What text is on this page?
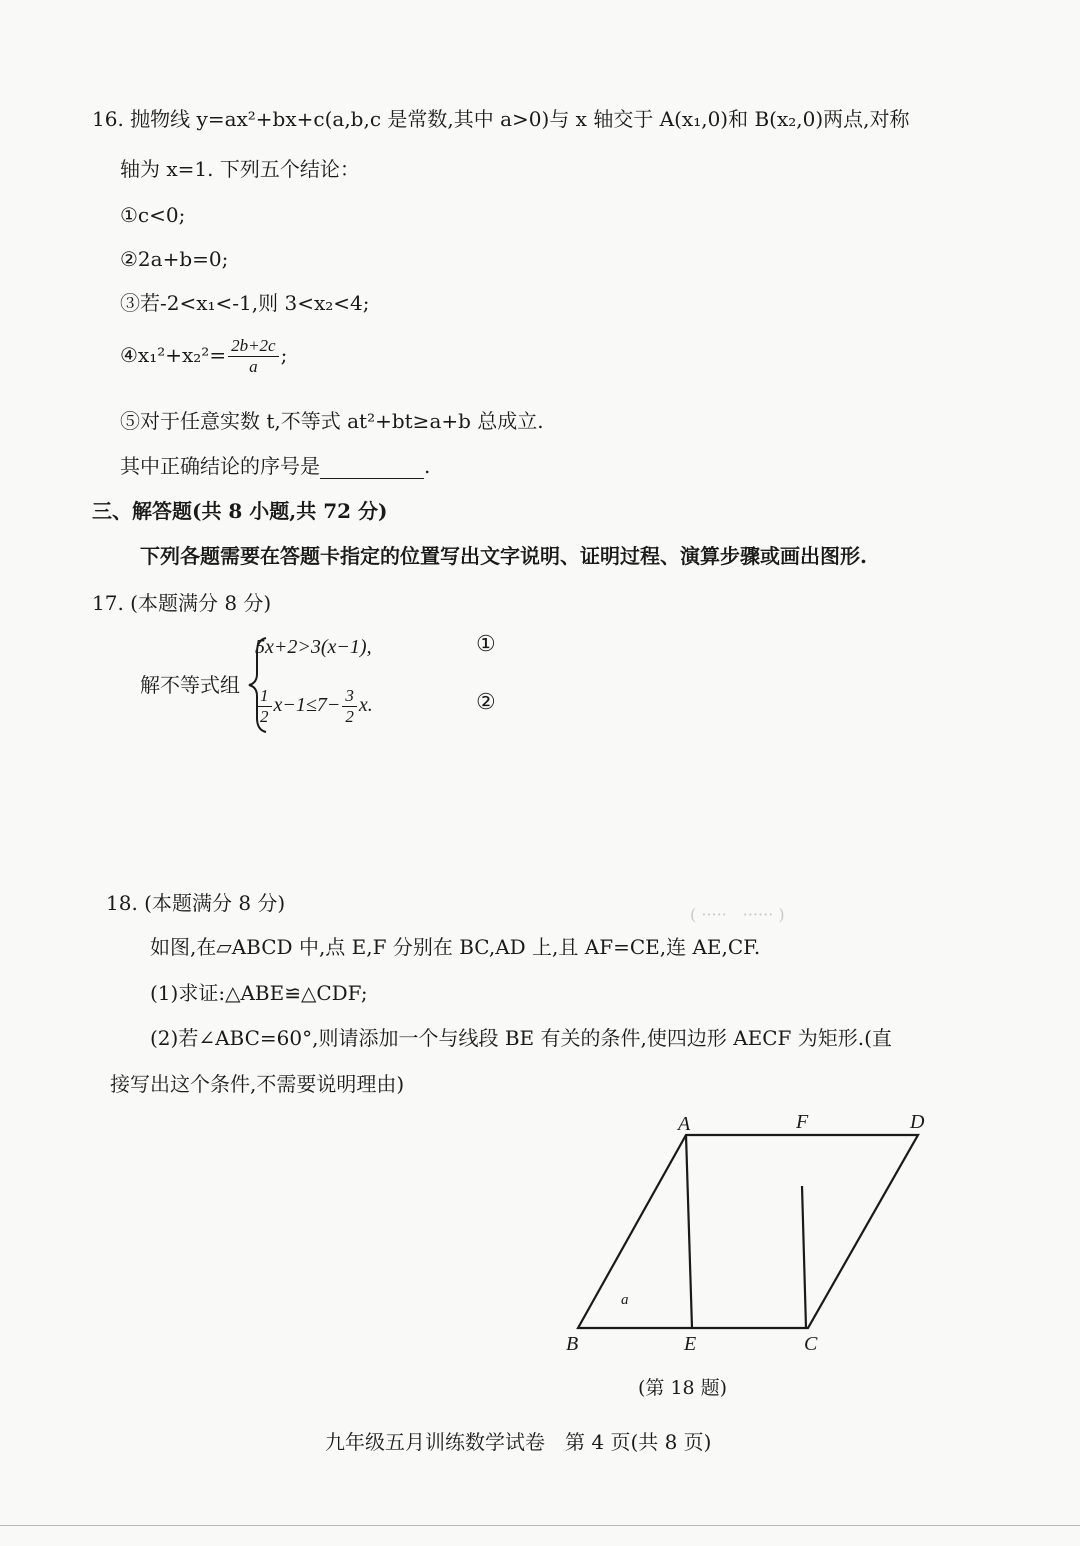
16. 抛物线 y=ax²+bx+c(a,b,c 是常数,其中 a>0)与 x 轴交于 A(x₁,0)和 B(x₂,0)两点,对称
轴为 x=1. 下列五个结论：
①c<0;
②2a+b=0;
③若-2<x₁<-1,则 3<x₂<4;
④x₁²+x₂²= $\frac{2b+2c}{a}$ ;
⑤对于任意实数 t,不等式 at²+bt≥a+b 总成立.
其中正确结论的序号是	.
三、解答题(共 8 小题,共 72 分)
下列各题需要在答题卡指定的位置写出文字说明、证明过程、演算步骤或画出图形.
17. (本题满分 8 分)
解不等式组
5x+2>3(x−1),	①
$\frac{1}{2} x-1\le 7- \frac{3}{2} x$.	②
( ·····　······ )
18. (本题满分 8 分)
如图,在▱ABCD 中,点 E,F 分别在 BC,AD 上,且 AF=CE,连 AE,CF.
(1)求证:△ABE≌△CDF;
(2)若∠ABC=60°,则请添加一个与线段 BE 有关的条件,使四边形 AECF 为矩形.(直
接写出这个条件,不需要说明理由)
A	F	D
B	E	C
a
(第 18 题)
九年级五月训练数学试卷　第 4 页(共 8 页)
